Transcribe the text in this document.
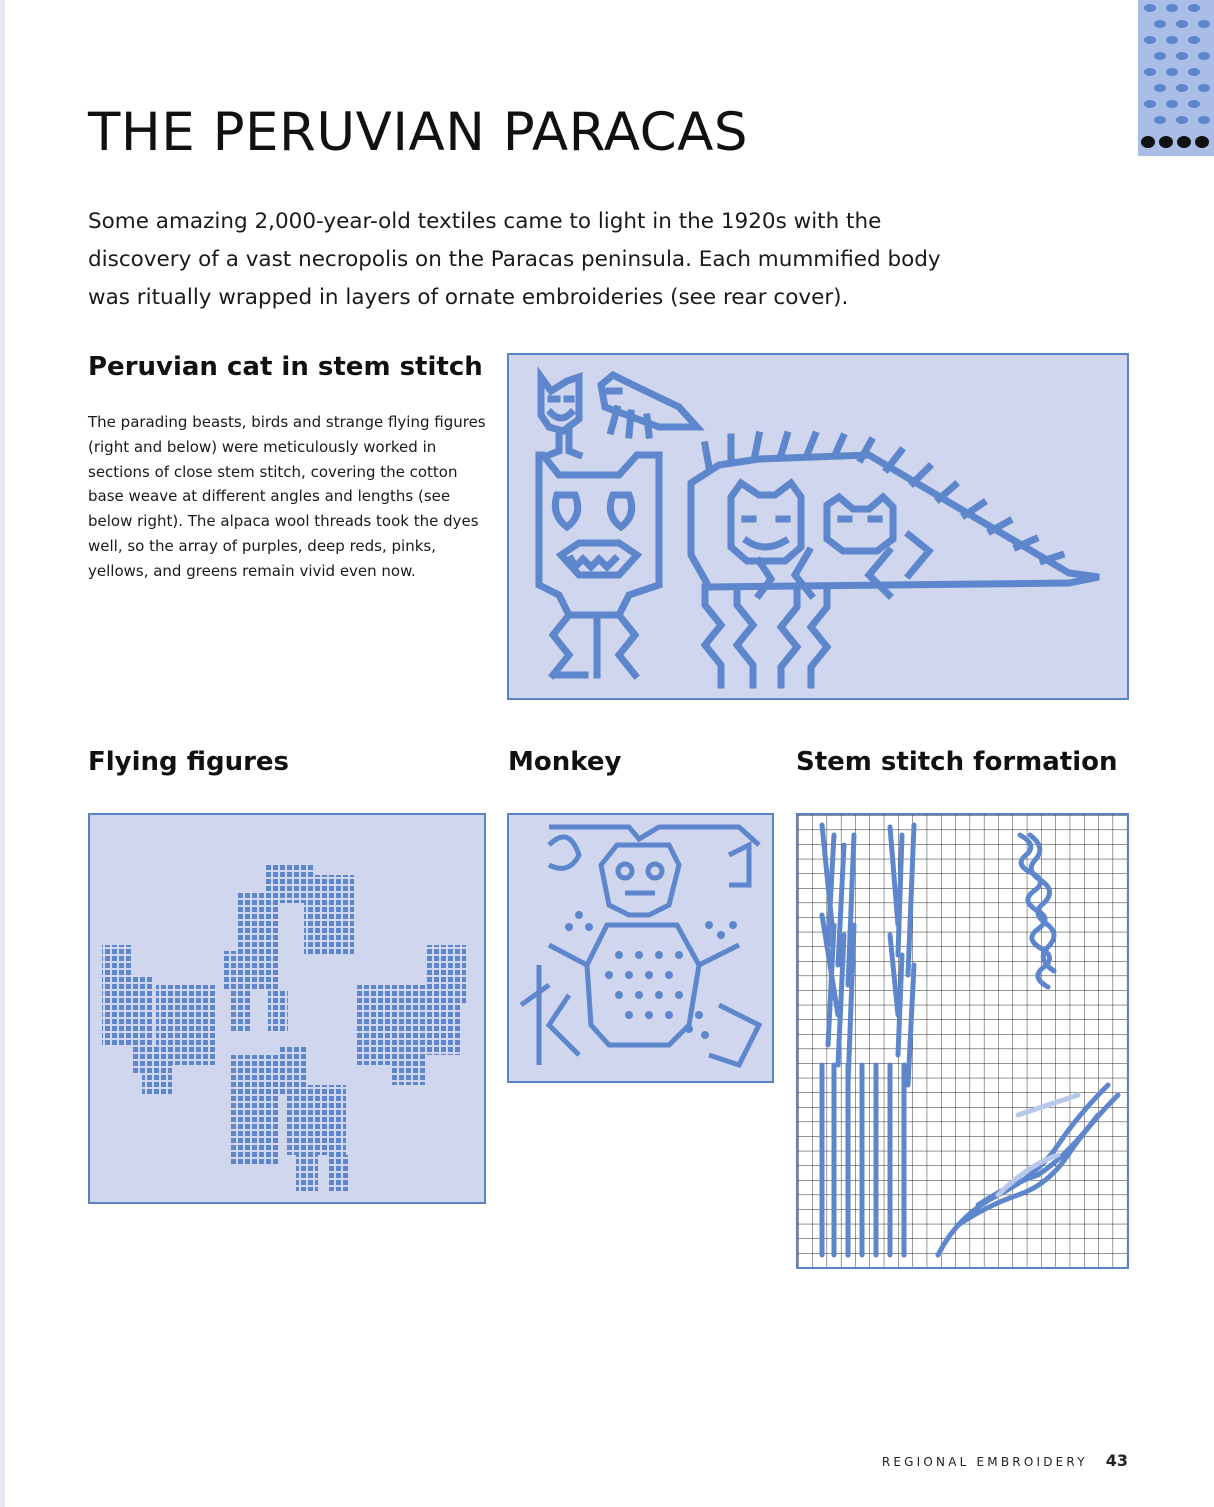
THE PERUVIAN PARACAS

Some amazing 2,000-year-old textiles came to light in the 1920s with the discovery of a vast necropolis on the Paracas peninsula. Each mummified body was ritually wrapped in layers of ornate embroideries (see rear cover).

Peruvian cat in stem stitch

The parading beasts, birds and strange flying figures (right and below) were meticulously worked in sections of close stem stitch, covering the cotton base weave at different angles and lengths (see below right). The alpaca wool threads took the dyes well, so the array of purples, deep reds, pinks, yellows, and greens remain vivid even now.

Flying figures	Monkey	Stem stitch formation
REGIONAL EMBROIDERY 43
